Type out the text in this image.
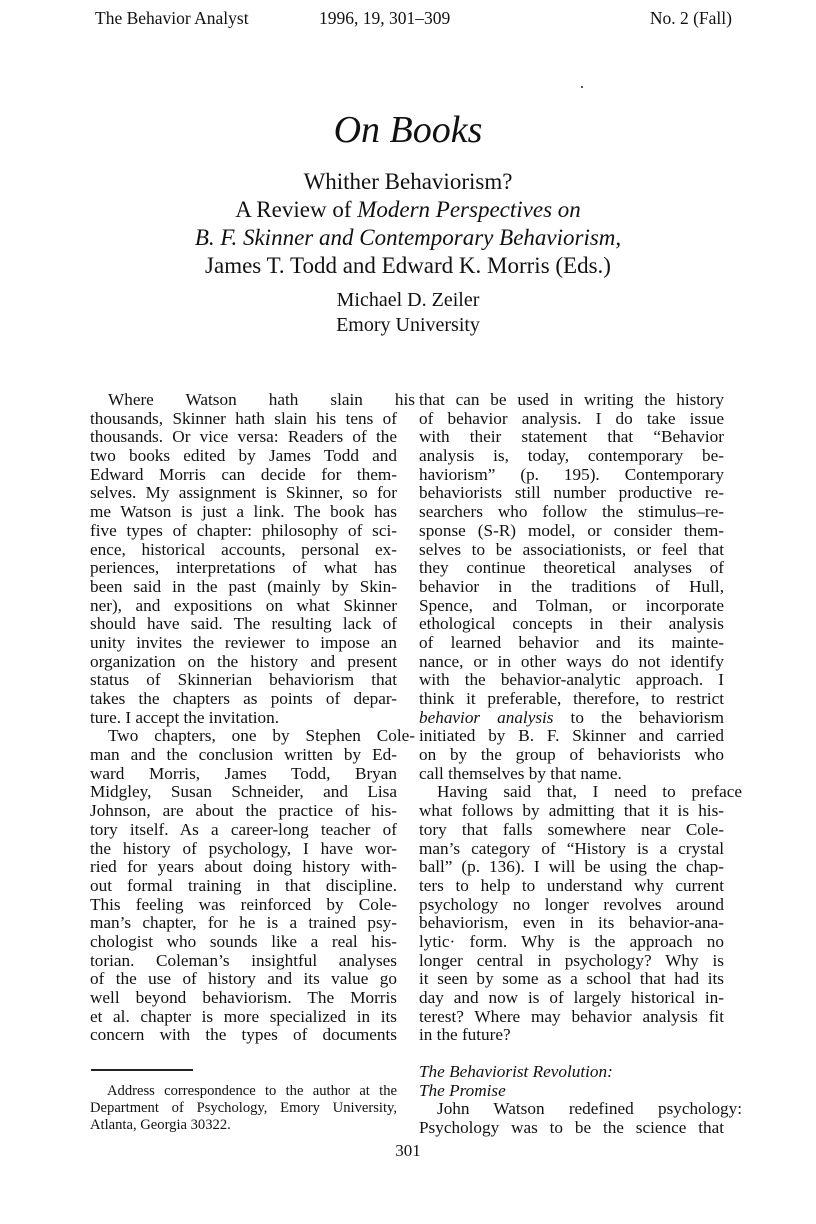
The Behavior Analyst	1996, 19, 301–309	No. 2 (Fall)
On Books
Whither Behaviorism?
A Review of Modern Perspectives on
B. F. Skinner and Contemporary Behaviorism,
James T. Todd and Edward K. Morris (Eds.)
Michael D. Zeiler
Emory University
Where Watson hath slain his
thousands, Skinner hath slain his tens of
thousands. Or vice versa: Readers of the
two books edited by James Todd and
Edward Morris can decide for them-
selves. My assignment is Skinner, so for
me Watson is just a link. The book has
five types of chapter: philosophy of sci-
ence, historical accounts, personal ex-
periences, interpretations of what has
been said in the past (mainly by Skin-
ner), and expositions on what Skinner
should have said. The resulting lack of
unity invites the reviewer to impose an
organization on the history and present
status of Skinnerian behaviorism that
takes the chapters as points of depar-
ture. I accept the invitation.
Two chapters, one by Stephen Cole-
man and the conclusion written by Ed-
ward Morris, James Todd, Bryan
Midgley, Susan Schneider, and Lisa
Johnson, are about the practice of his-
tory itself. As a career-long teacher of
the history of psychology, I have wor-
ried for years about doing history with-
out formal training in that discipline.
This feeling was reinforced by Cole-
man’s chapter, for he is a trained psy-
chologist who sounds like a real his-
torian. Coleman’s insightful analyses
of the use of history and its value go
well beyond behaviorism. The Morris
et al. chapter is more specialized in its
concern with the types of documents
Address correspondence to the author at the
Department of Psychology, Emory University,
Atlanta, Georgia 30322.
that can be used in writing the history
of behavior analysis. I do take issue
with their statement that “Behavior
analysis is, today, contemporary be-
haviorism” (p. 195). Contemporary
behaviorists still number productive re-
searchers who follow the stimulus–re-
sponse (S-R) model, or consider them-
selves to be associationists, or feel that
they continue theoretical analyses of
behavior in the traditions of Hull,
Spence, and Tolman, or incorporate
ethological concepts in their analysis
of learned behavior and its mainte-
nance, or in other ways do not identify
with the behavior-analytic approach. I
think it preferable, therefore, to restrict
behavior analysis to the behaviorism
initiated by B. F. Skinner and carried
on by the group of behaviorists who
call themselves by that name.
Having said that, I need to preface
what follows by admitting that it is his-
tory that falls somewhere near Cole-
man’s category of “History is a crystal
ball” (p. 136). I will be using the chap-
ters to help to understand why current
psychology no longer revolves around
behaviorism, even in its behavior-ana-
lytic· form. Why is the approach no
longer central in psychology? Why is
it seen by some as a school that had its
day and now is of largely historical in-
terest? Where may behavior analysis fit
in the future?
The Behaviorist Revolution:
The Promise
John Watson redefined psychology:
Psychology was to be the science that
301
